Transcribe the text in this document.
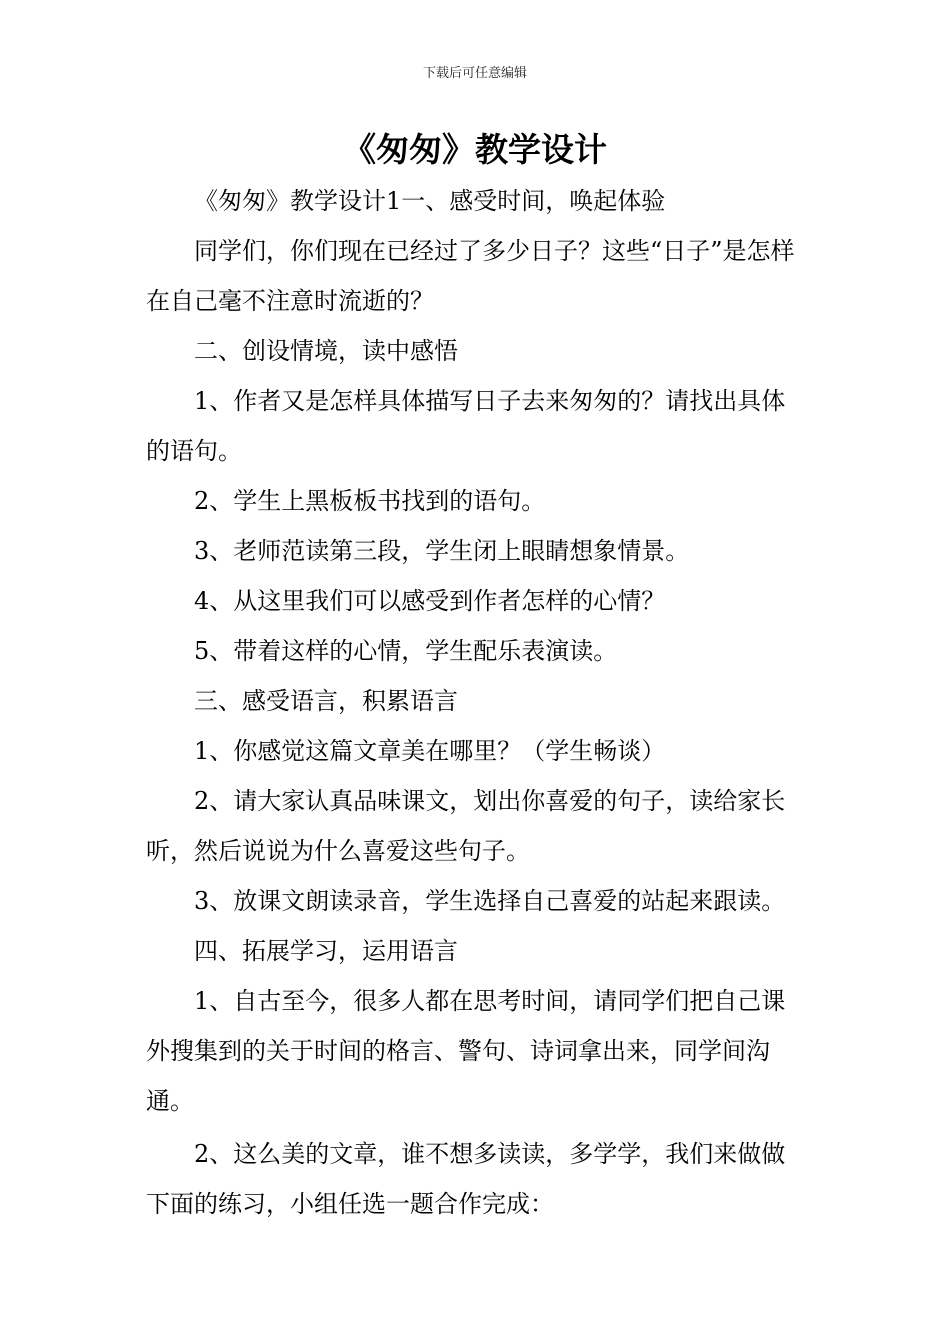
下载后可任意编辑
《匆匆》教学设计

《匆匆》教学设计1一、感受时间，唤起体验

同学们，你们现在已经过了多少日子？这些“日子”是怎样在自己毫不注意时流逝的？

二、创设情境，读中感悟

1、作者又是怎样具体描写日子去来匆匆的？请找出具体的语句。

2、学生上黑板板书找到的语句。

3、老师范读第三段，学生闭上眼睛想象情景。

4、从这里我们可以感受到作者怎样的心情？

5、带着这样的心情，学生配乐表演读。

三、感受语言，积累语言

1、你感觉这篇文章美在哪里？（学生畅谈）

2、请大家认真品味课文，划出你喜爱的句子，读给家长听，然后说说为什么喜爱这些句子。

3、放课文朗读录音，学生选择自己喜爱的站起来跟读。

四、拓展学习，运用语言

1、自古至今，很多人都在思考时间，请同学们把自己课外搜集到的关于时间的格言、警句、诗词拿出来，同学间沟通。

2、这么美的文章，谁不想多读读，多学学，我们来做做下面的练习，小组任选一题合作完成：
